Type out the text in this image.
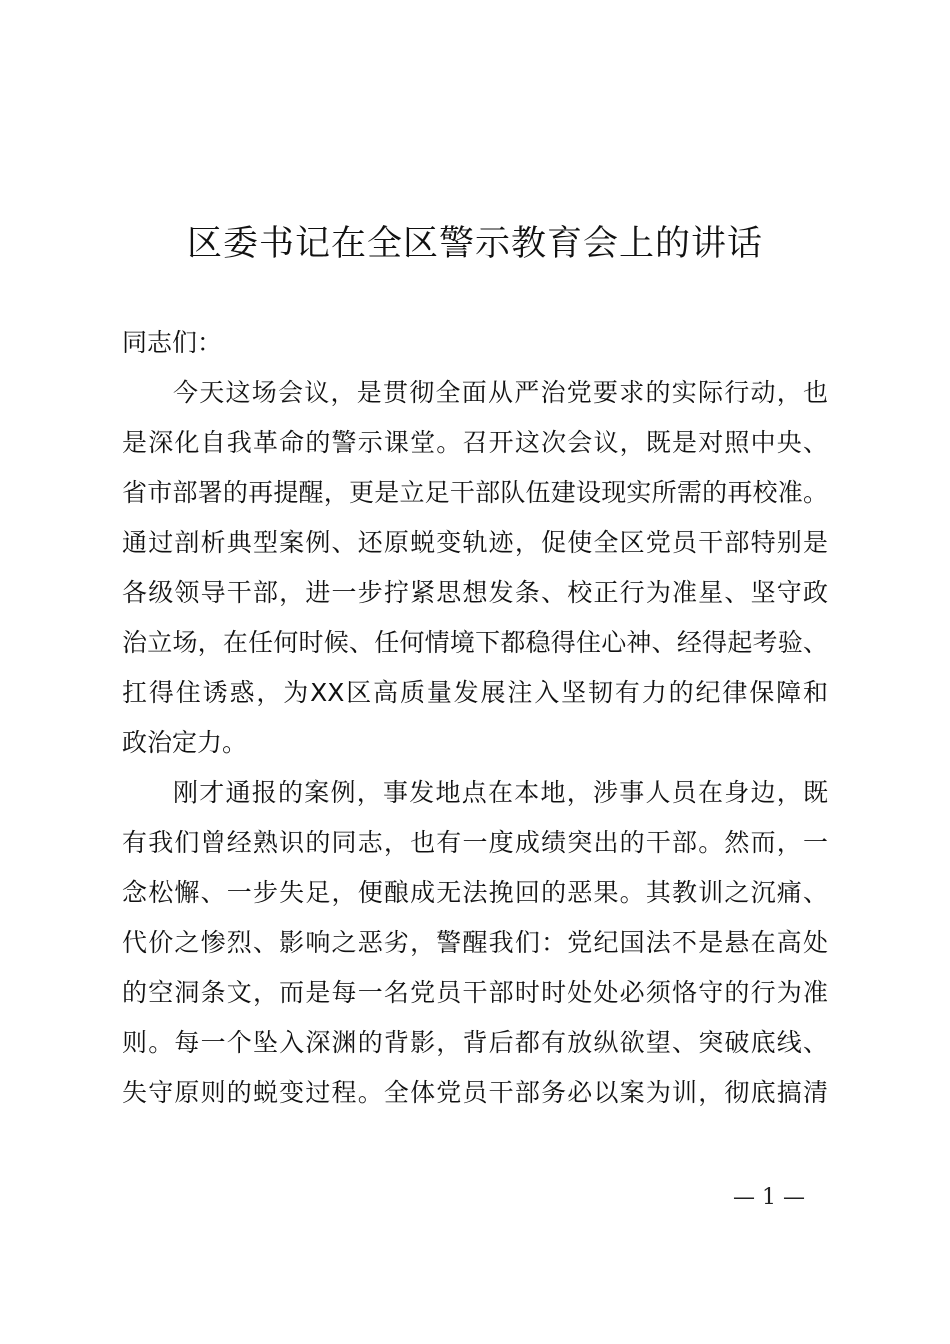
区委书记在全区警示教育会上的讲话
同志们：
今天这场会议，是贯彻全面从严治党要求的实际行动，也
是深化自我革命的警示课堂。召开这次会议，既是对照中央、
省市部署的再提醒，更是立足干部队伍建设现实所需的再校准。
通过剖析典型案例、还原蜕变轨迹，促使全区党员干部特别是
各级领导干部，进一步拧紧思想发条、校正行为准星、坚守政
治立场，在任何时候、任何情境下都稳得住心神、经得起考验、
扛得住诱惑，为XX区高质量发展注入坚韧有力的纪律保障和
政治定力。
刚才通报的案例，事发地点在本地，涉事人员在身边，既
有我们曾经熟识的同志，也有一度成绩突出的干部。然而，一
念松懈、一步失足，便酿成无法挽回的恶果。其教训之沉痛、
代价之惨烈、影响之恶劣，警醒我们：党纪国法不是悬在高处
的空洞条文，而是每一名党员干部时时处处必须恪守的行为准
则。每一个坠入深渊的背影，背后都有放纵欲望、突破底线、
失守原则的蜕变过程。全体党员干部务必以案为训，彻底搞清
— 1 —
